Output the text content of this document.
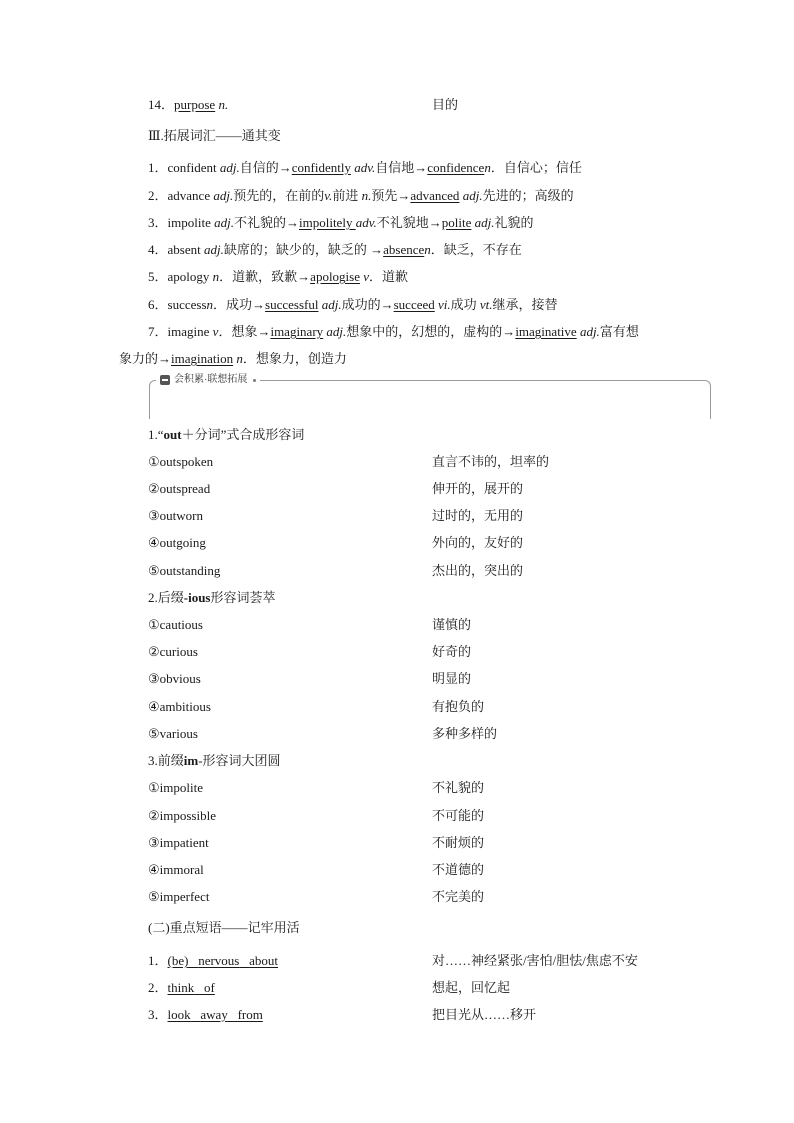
14．purpose n.	目的
Ⅲ.拓展词汇——通其变
1．confident adj.自信的→confidently adv.自信地→confidencen．自信心；信任
2．advance adj.预先的，在前的v.前进 n.预先→advanced adj.先进的；高级的
3．impolite adj.不礼貌的→impolitely adv.不礼貌地→polite adj.礼貌的
4．absent adj.缺席的；缺少的，缺乏的 →absencen．缺乏，不存在
5．apology n．道歉，致歉→apologise v．道歉
6．successn．成功→successful adj.成功的→succeed vi.成功 vt.继承，接替
7．imagine v．想象→imaginary adj.想象中的，幻想的，虚构的→imaginative adj.富有想
象力的→imagination n．想象力，创造力
会积累·联想拓展
1.“out＋分词”式合成形容词
①outspoken	直言不讳的，坦率的
②outspread	伸开的，展开的
③outworn	过时的，无用的
④outgoing	外向的，友好的
⑤outstanding	杰出的，突出的
2.后缀-ious形容词荟萃
①cautious	谨慎的
②curious	好奇的
③obvious	明显的
④ambitious	有抱负的
⑤various	多种多样的
3.前缀im-形容词大团圆
①impolite	不礼貌的
②impossible	不可能的
③impatient	不耐烦的
④immoral	不道德的
⑤imperfect	不完美的
(二)重点短语——记牢用活
1．(be) nervous about	对……神经紧张/害怕/胆怯/焦虑不安
2．think of	想起，回忆起
3．look away from	把目光从……移开
